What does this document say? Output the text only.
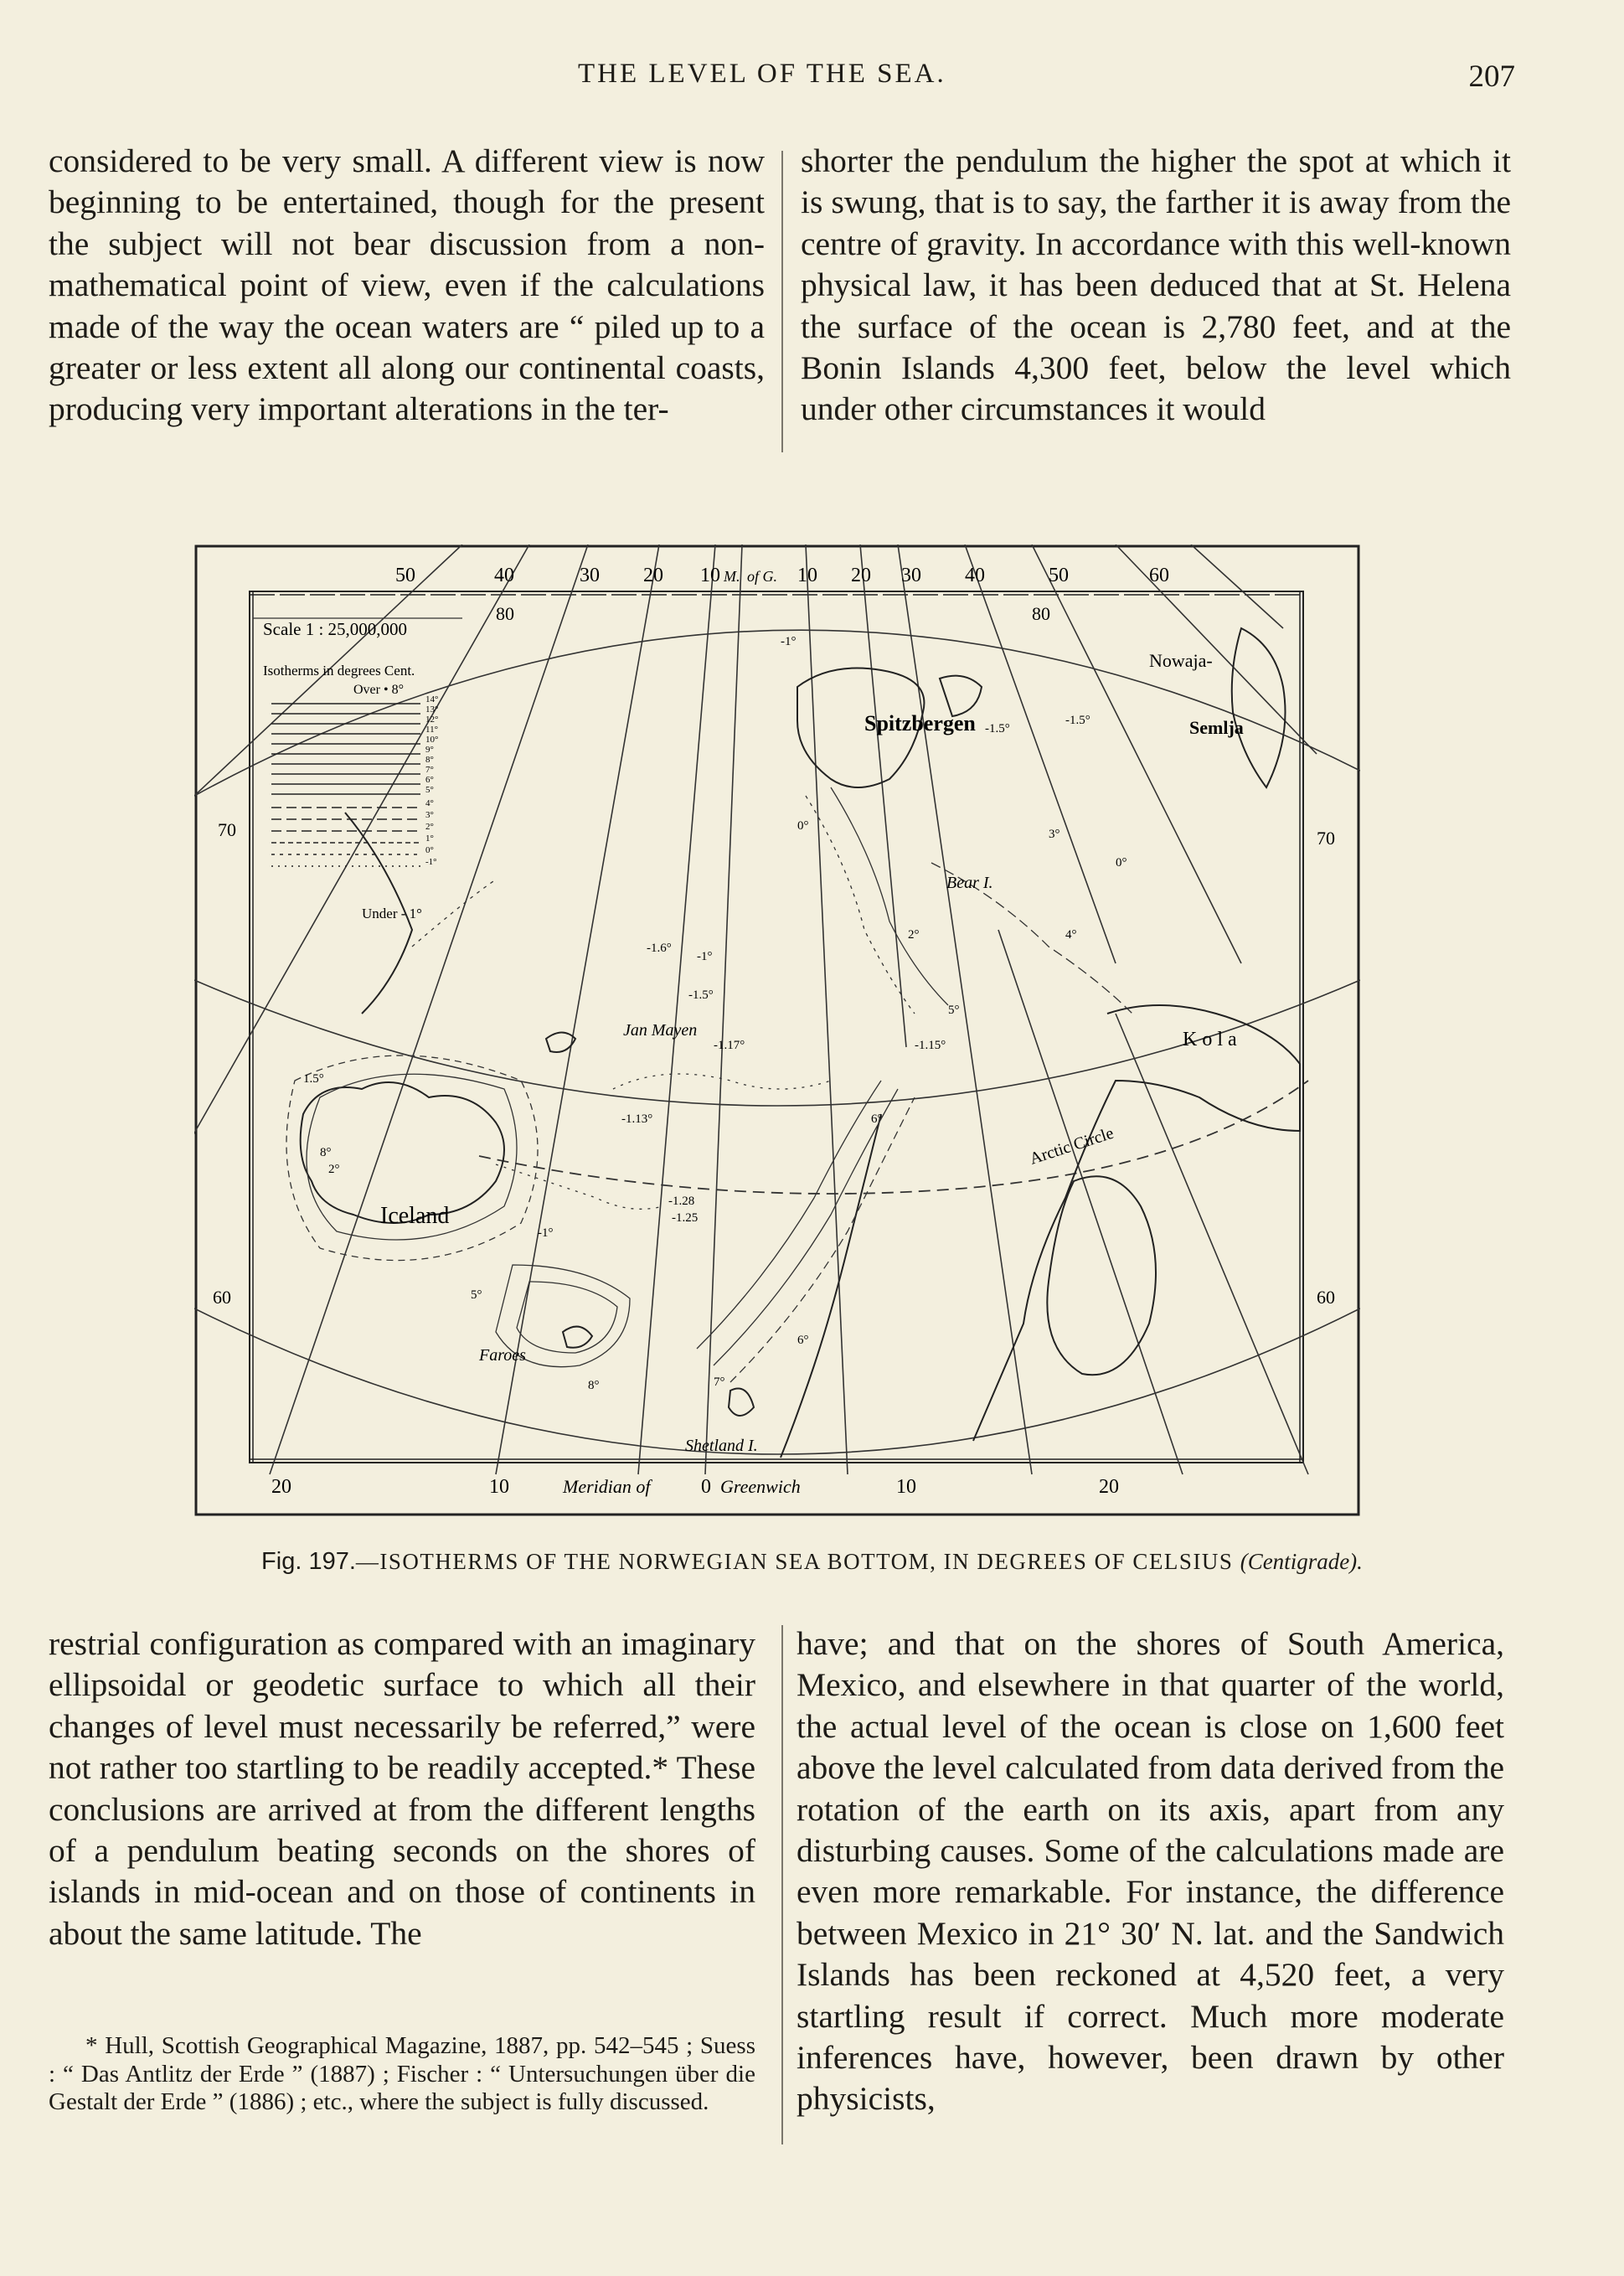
THE LEVEL OF THE SEA.	207

considered to be very small. A different view is now beginning to be entertained, though for the present the subject will not bear discussion from a non-mathematical point of view, even if the calculations made of the way the ocean waters are “ piled up to a greater or less extent all along our continental coasts, producing very important alterations in the ter-

shorter the pendulum the higher the spot at which it is swung, that is to say, the farther it is away from the centre of gravity. In accordance with this well-known physical law, it has been deduced that at St. Helena the surface of the ocean is 2,780 feet, and at the Bonin Islands 4,300 feet, below the level which under other circumstances it would

Scale 1 : 25,000,000
Isotherms in degrees Cent.
Over • 8°
Under - 1°
14°
13°
12°
11°
10°
9°
8°
7°
6°
5°
4°
3°
2°
1°
0°
-1°
50	40	30 20 10 M. of G. 10 20 30 40	50	60
20	10	Meridian of	0 Greenwich	10	20
70
60
70
60
80	80
Spitzbergen
Nowaja-
Semlja
Bear I.
Jan Mayen	K o l a
Arctic Circle
Iceland
Faroes
Shetland I.
-1°
-1°
-1°
-1.5°
-1.5°
-1.5°
-1.6°
-1.17°	-1.15°
-1.13°
-1.28
-1.25
1.5°
2°
2°
3°
4°
5°
5°
6°
6°
7°
8°
8°
0°
0°
Fig. 197.—ISOTHERMS OF THE NORWEGIAN SEA BOTTOM, IN DEGREES OF CELSIUS (Centigrade).

restrial configuration as compared with an imaginary ellipsoidal or geodetic surface to which all their changes of level must necessarily be referred,” were not rather too startling to be readily accepted.* These conclusions are arrived at from the different lengths of a pendulum beating seconds on the shores of islands in mid-ocean and on those of continents in about the same latitude. The

have; and that on the shores of South America, Mexico, and elsewhere in that quarter of the world, the actual level of the ocean is close on 1,600 feet above the level calculated from data derived from the rotation of the earth on its axis, apart from any disturbing causes. Some of the calculations made are even more remarkable. For instance, the difference between Mexico in 21° 30′ N. lat. and the Sandwich Islands has been reckoned at 4,520 feet, a very startling result if correct. Much more moderate inferences have, however, been drawn by other physicists,

* Hull, Scottish Geographical Magazine, 1887, pp. 542–545 ; Suess : “ Das Antlitz der Erde ” (1887) ; Fischer : “ Untersuchungen über die Gestalt der Erde ” (1886) ; etc., where the subject is fully discussed.
